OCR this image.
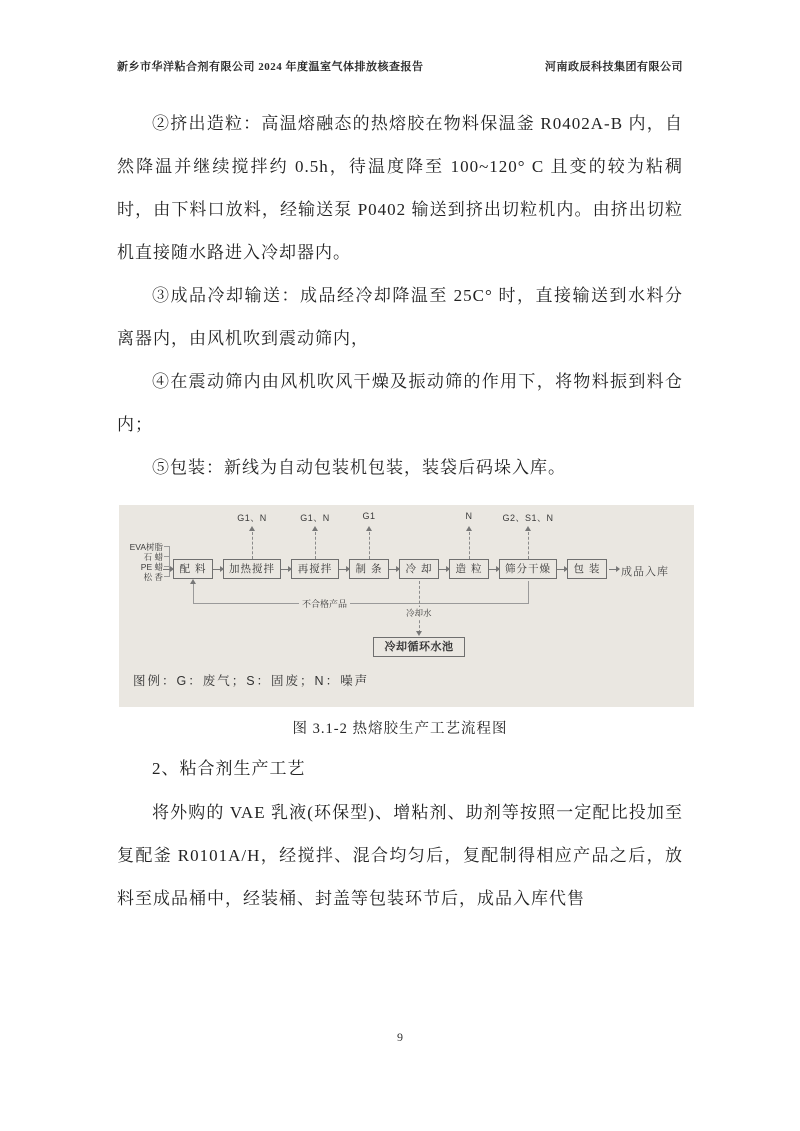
新乡市华洋粘合剂有限公司 2024 年度温室气体排放核查报告	河南政辰科技集团有限公司

②挤出造粒：高温熔融态的热熔胶在物料保温釜 R0402A-B 内，自然降温并继续搅拌约 0.5h，待温度降至 100~120° C 且变的较为粘稠时，由下料口放料，经输送泵 P0402 输送到挤出切粒机内。由挤出切粒机直接随水路进入冷却器内。

③成品冷却输送：成品经冷却降温至 25C° 时，直接输送到水料分离器内，由风机吹到震动筛内，

④在震动筛内由风机吹风干燥及振动筛的作用下，将物料振到料仓内；

⑤包装：新线为自动包装机包装，装袋后码垛入库。

EVA树脂
石 蜡
PE 蜡
松 香
配 料	加热搅拌	再搅拌	制 条	冷 却	造 粒	筛分干燥	包 装	成品入库
G1、N	G1、N	G1	N	G2、S1、N
不合格产品
冷却水
冷却循环水池
图例：G：废气；S：固废；N：噪声
图 3.1-2 热熔胶生产工艺流程图
2、粘合剂生产工艺

将外购的 VAE 乳液(环保型)、增粘剂、助剂等按照一定配比投加至复配釜 R0101A/H，经搅拌、混合均匀后，复配制得相应产品之后，放料至成品桶中，经装桶、封盖等包装环节后，成品入库代售

9
